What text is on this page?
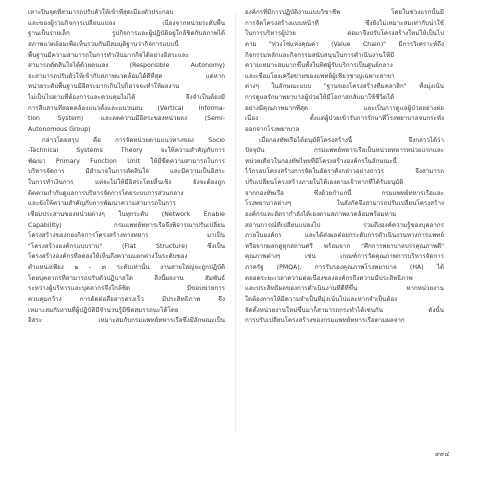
เหาะปินจุดที่สามารถปรับตัวให้เข้าที่สุดเมืองตัวประกอบ
และของผู้รวมกิจการเปลี่ยนแปลง เนื่องจากหน่วยระดับพื้น
ฐานเป็นรายเล็ก รูปกิจการและผู้ปฏิบัติอยู่ใกล้ชิดกับสภาพได้
สภาพแวดล้อมเพื่อเห็นรวมกันมีสมมุติฐานว่ากิจการแบบนี้
พื้นฐานมีความสามารถในการทำเงินมากกิจได้อย่างอิสระและ
สามารถตัดสินใจได้ด้วยตนเอง (Responsible Autonomy)
จะสามารถปรับตัวให้เข้ากับสภาพแวดล้อมได้ดีที่สุด แต่หาก
หน่วยระดับพื้นฐานมีอิสระมากเกินไปก็อาจจะทำให้ผลงาน
ไม่เป็นไปตามที่ต้องการและควบคุมไม่ได้ จึงจำเป็นต้องมี
การสืบสานที่สอดคล้องแนวตั้งและแนวนอน (Vertical Informa-
tion System) และลดความมีอิสระของหน่วยลง (Semi-
Autonomous Group)
กล่าวโดยสรุป คือ การจัดหน่วยตามแนวทางของ Socio
-Technical Systems Theory จะให้ความสำคัญกับการ
พัฒนา Primary Function Unit ให้มีขีดความสามารถในการ
บริหารจัดการ มีอำนาจในการตัดสินใจ และมีความเป็นอิสระ
ในการทำเงินการ แต่จะไม่ให้มีอิสระโดยสิ้นเชิง ยังจะต้องถูก
ติดตามกำกับดูแลการบริหารจัดการโดยระบบการส่วนกลาง
และยังให้ความสำคัญกับการพัฒนาความสามารถในการ
เชื่อมประสานของหน่วยต่างๆ ในทุกระดับ (Network Enable
Capability) กรมแพทย์ทหารเรือจึงพิจารณาปรับเปลี่ยน
โครงสร้างของกองกิจการโครงสร้างทางทหาร มาเป็น
"โครงสร้างองค์กรแบบราบ" (Flat Structure) ซึ่งเป็น
โครงสร้างองค์กรที่ลดลงให้เห็นถึงความแตกต่างในระดับของ
ตำแหน่งเพียง ๒ - ๓ ระดับเท่านั้น งานสายใหญ่จะถูกปฏิบัติ
โดยบุคลากรที่สามารถปรับตัวปฏิบาสใด สิ่งนี้ผลงาน สัมพันธ์
ระหว่างผู้บริหารและบุคลากรจึงใกล้ชิด มีขอบข่ายการ
ควบคุมกว้าง การตัดต่อสื่อสารตรงเร็ว มีประสิทธิภาพ จึง
เหมาะสมกับงานที่ผู้ปฏิบัติมีจำนวนรู้มีขีดสมรรถนะได้โดย
อิสระ เหมาะสมกับกรมแพทย์ทหารเรือซึ่งมีลักษณะเป็น
องค์กรที่มีการปฏิบัติงานแบบวิชาชีพ โดยในช่วงแรกนั้นมี
การจัดโครงสร้างแบบหน้าที่ ซึ่งยังไม่เหมาะสมเท่ากับน่าใช้
ในการบริหารผู้ป่วย ต่อมาจึงปรับโครงสร้างใหม่ให้เป็นไป
ตาม "ห่วงโซ่แห่งคุณค่า (Value Chain)" มีการวิเคราะห์ถึง
กิจกรรมหลักและกิจกรรมสนับสนุนในการดำเนินงานให้มี
ความเหมาะสมมากขึ้นทั้งในทิศผู้รับบริการเป็นศูนย์กลาง
และเชื่อมโยงเครือข่ายของแพทย์ผู้เชี่ยวชาญเฉพาะสาขา
ต่างๆ ในลักษณะแบบ "ฐานของโครงสร้างทีมคลาสิก" ทั้งมุ่งเน้น
การดูแลรักษาพยาบาลผู้ป่วยให้มีโอกาสกลับมาใช้ชีวิตได้
อย่างมีคุณภาพมากที่สุด และเป็นการดูแลผู้ป่วยอย่างต่อ
เนื่อง ตั้งแต่ผู้ป่วยเข้ารับการรักษาที่โรงพยาบาลจนกระทั่ง
ออกจากโรงพยาบาล
เมื่อกองทัพเรือได้อนุมัติโครงสร้างนี้ จึงกล่าวได้ว่า
ปัจจุบัน กรมแพทย์ทหารเรือเป็นหน่วยทหารหน่วยแรกและ
หน่วยเดียวในกองทัพไทยที่มีโครงสร้างองค์กรในลักษณะนี้
ไว้กรอบโครงสร้างการจัดในอัตราดังกล่าวอย่างถาวร จึงสามารถ
ปรับเปลี่ยนโครงสร้างภายในได้เองตามเจ้าหากที่ได้รับอนุมัติ
จากกองทัพเรือ ซึ่งด้วยกำแกนี้ กรมแพทย์ทหารเรือและ
โรงพยาบาลต่างๆ ในสังกัดจึงสามารถปรับเปลี่ยนโครงสร้าง
องค์กรและอัตรากำลังได้เองตามสภาพแวดล้อมพร้อมทาม
สถานการณ์ที่เปลี่ยนแปลงไป รวมถึงองค์ความรู้ของบุคลากร
ภายในองค์กร และได้ส่งผลต่อยกระดับการดำเนินงานทางการแพทย์
หรือจากผลกดูทุกสถานศรี พร้อมจาก "ศึกการพยาบาลบรรคุณภาพดี"
คุณภาพต่างๆ เช่น เกณฑ์การวัดคุณภาพการบริหารจัดการ
ภาครัฐ (PMQA), การรับรองคุณภาพโรงพยาบาล (HA) ได้
ตลอดระยะเวลาความต่อเนื่องขององค์กรถึงความมีประสิทธิภาพ
และประสิทธิผลของการดำเนินงานที่ดีที่ขึ้น หากหน่วยงาน
ใดต้องการให้มีความจำเป็นที่มุ่งเน้นไปและหากจำเป็นต้อง
จัดตั้งหน่วยงานใหม่ขึ้นมาก็สามารถกระทำได้เช่นกัน ดังนั้น
การปรับเปลี่ยนโครงสร้างของกรมแพทย์ทหารเรือตามผลจาก
๙๙๔
